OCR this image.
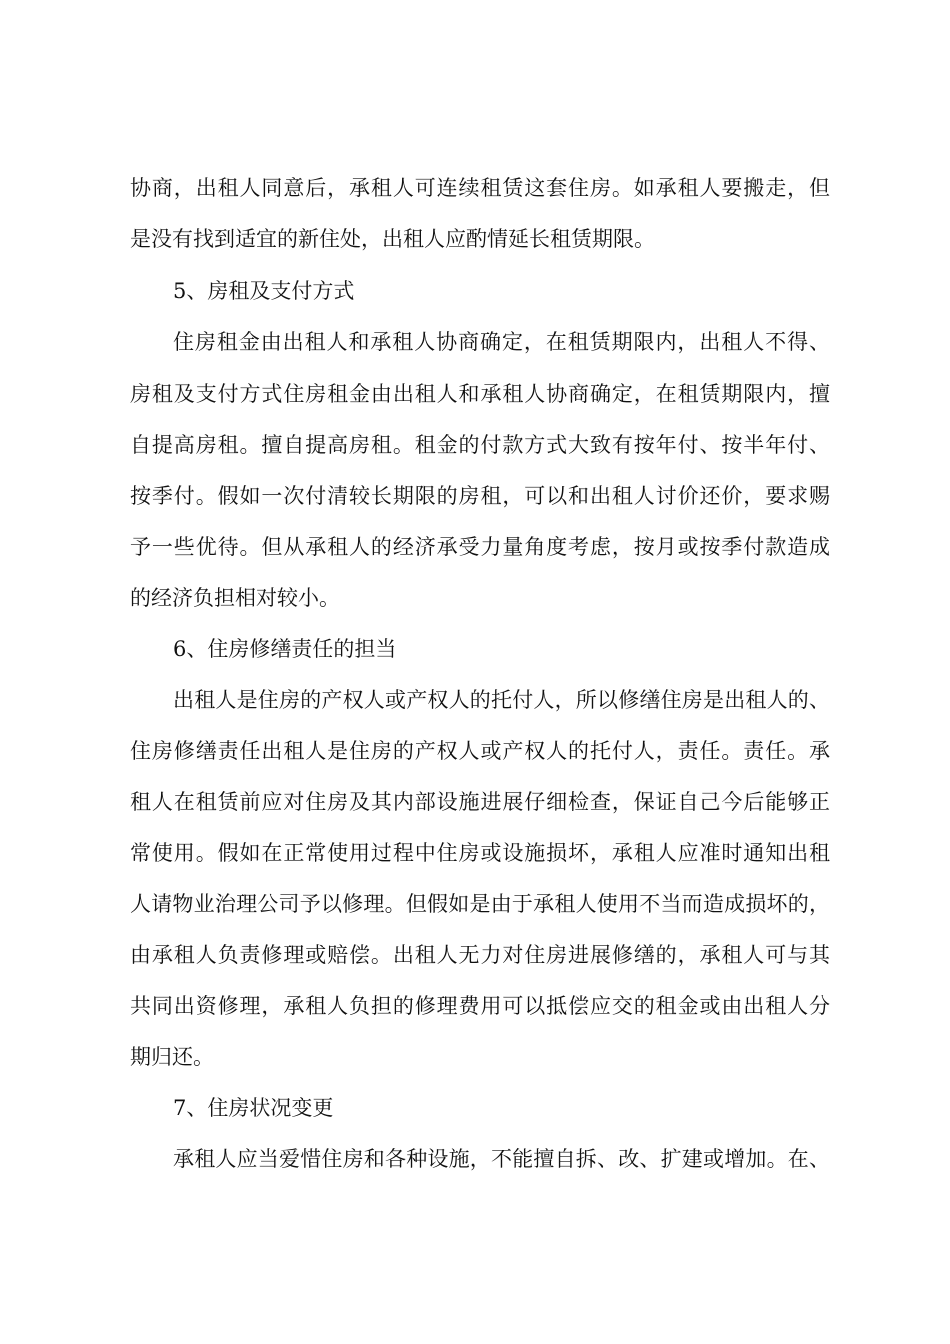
协商，出租人同意后，承租人可连续租赁这套住房。如承租人要搬走，但
是没有找到适宜的新住处，出租人应酌情延长租赁期限。
5、房租及支付方式
住房租金由出租人和承租人协商确定，在租赁期限内，出租人不得、
房租及支付方式住房租金由出租人和承租人协商确定，在租赁期限内，擅
自提高房租。擅自提高房租。租金的付款方式大致有按年付、按半年付、
按季付。假如一次付清较长期限的房租，可以和出租人讨价还价，要求赐
予一些优待。但从承租人的经济承受力量角度考虑，按月或按季付款造成
的经济负担相对较小。
6、住房修缮责任的担当
出租人是住房的产权人或产权人的托付人，所以修缮住房是出租人的、
住房修缮责任出租人是住房的产权人或产权人的托付人，责任。责任。承
租人在租赁前应对住房及其内部设施进展仔细检查，保证自己今后能够正
常使用。假如在正常使用过程中住房或设施损坏，承租人应准时通知出租
人请物业治理公司予以修理。但假如是由于承租人使用不当而造成损坏的，
由承租人负责修理或赔偿。出租人无力对住房进展修缮的，承租人可与其
共同出资修理，承租人负担的修理费用可以抵偿应交的租金或由出租人分
期归还。
7、住房状况变更
承租人应当爱惜住房和各种设施，不能擅自拆、改、扩建或增加。在、
